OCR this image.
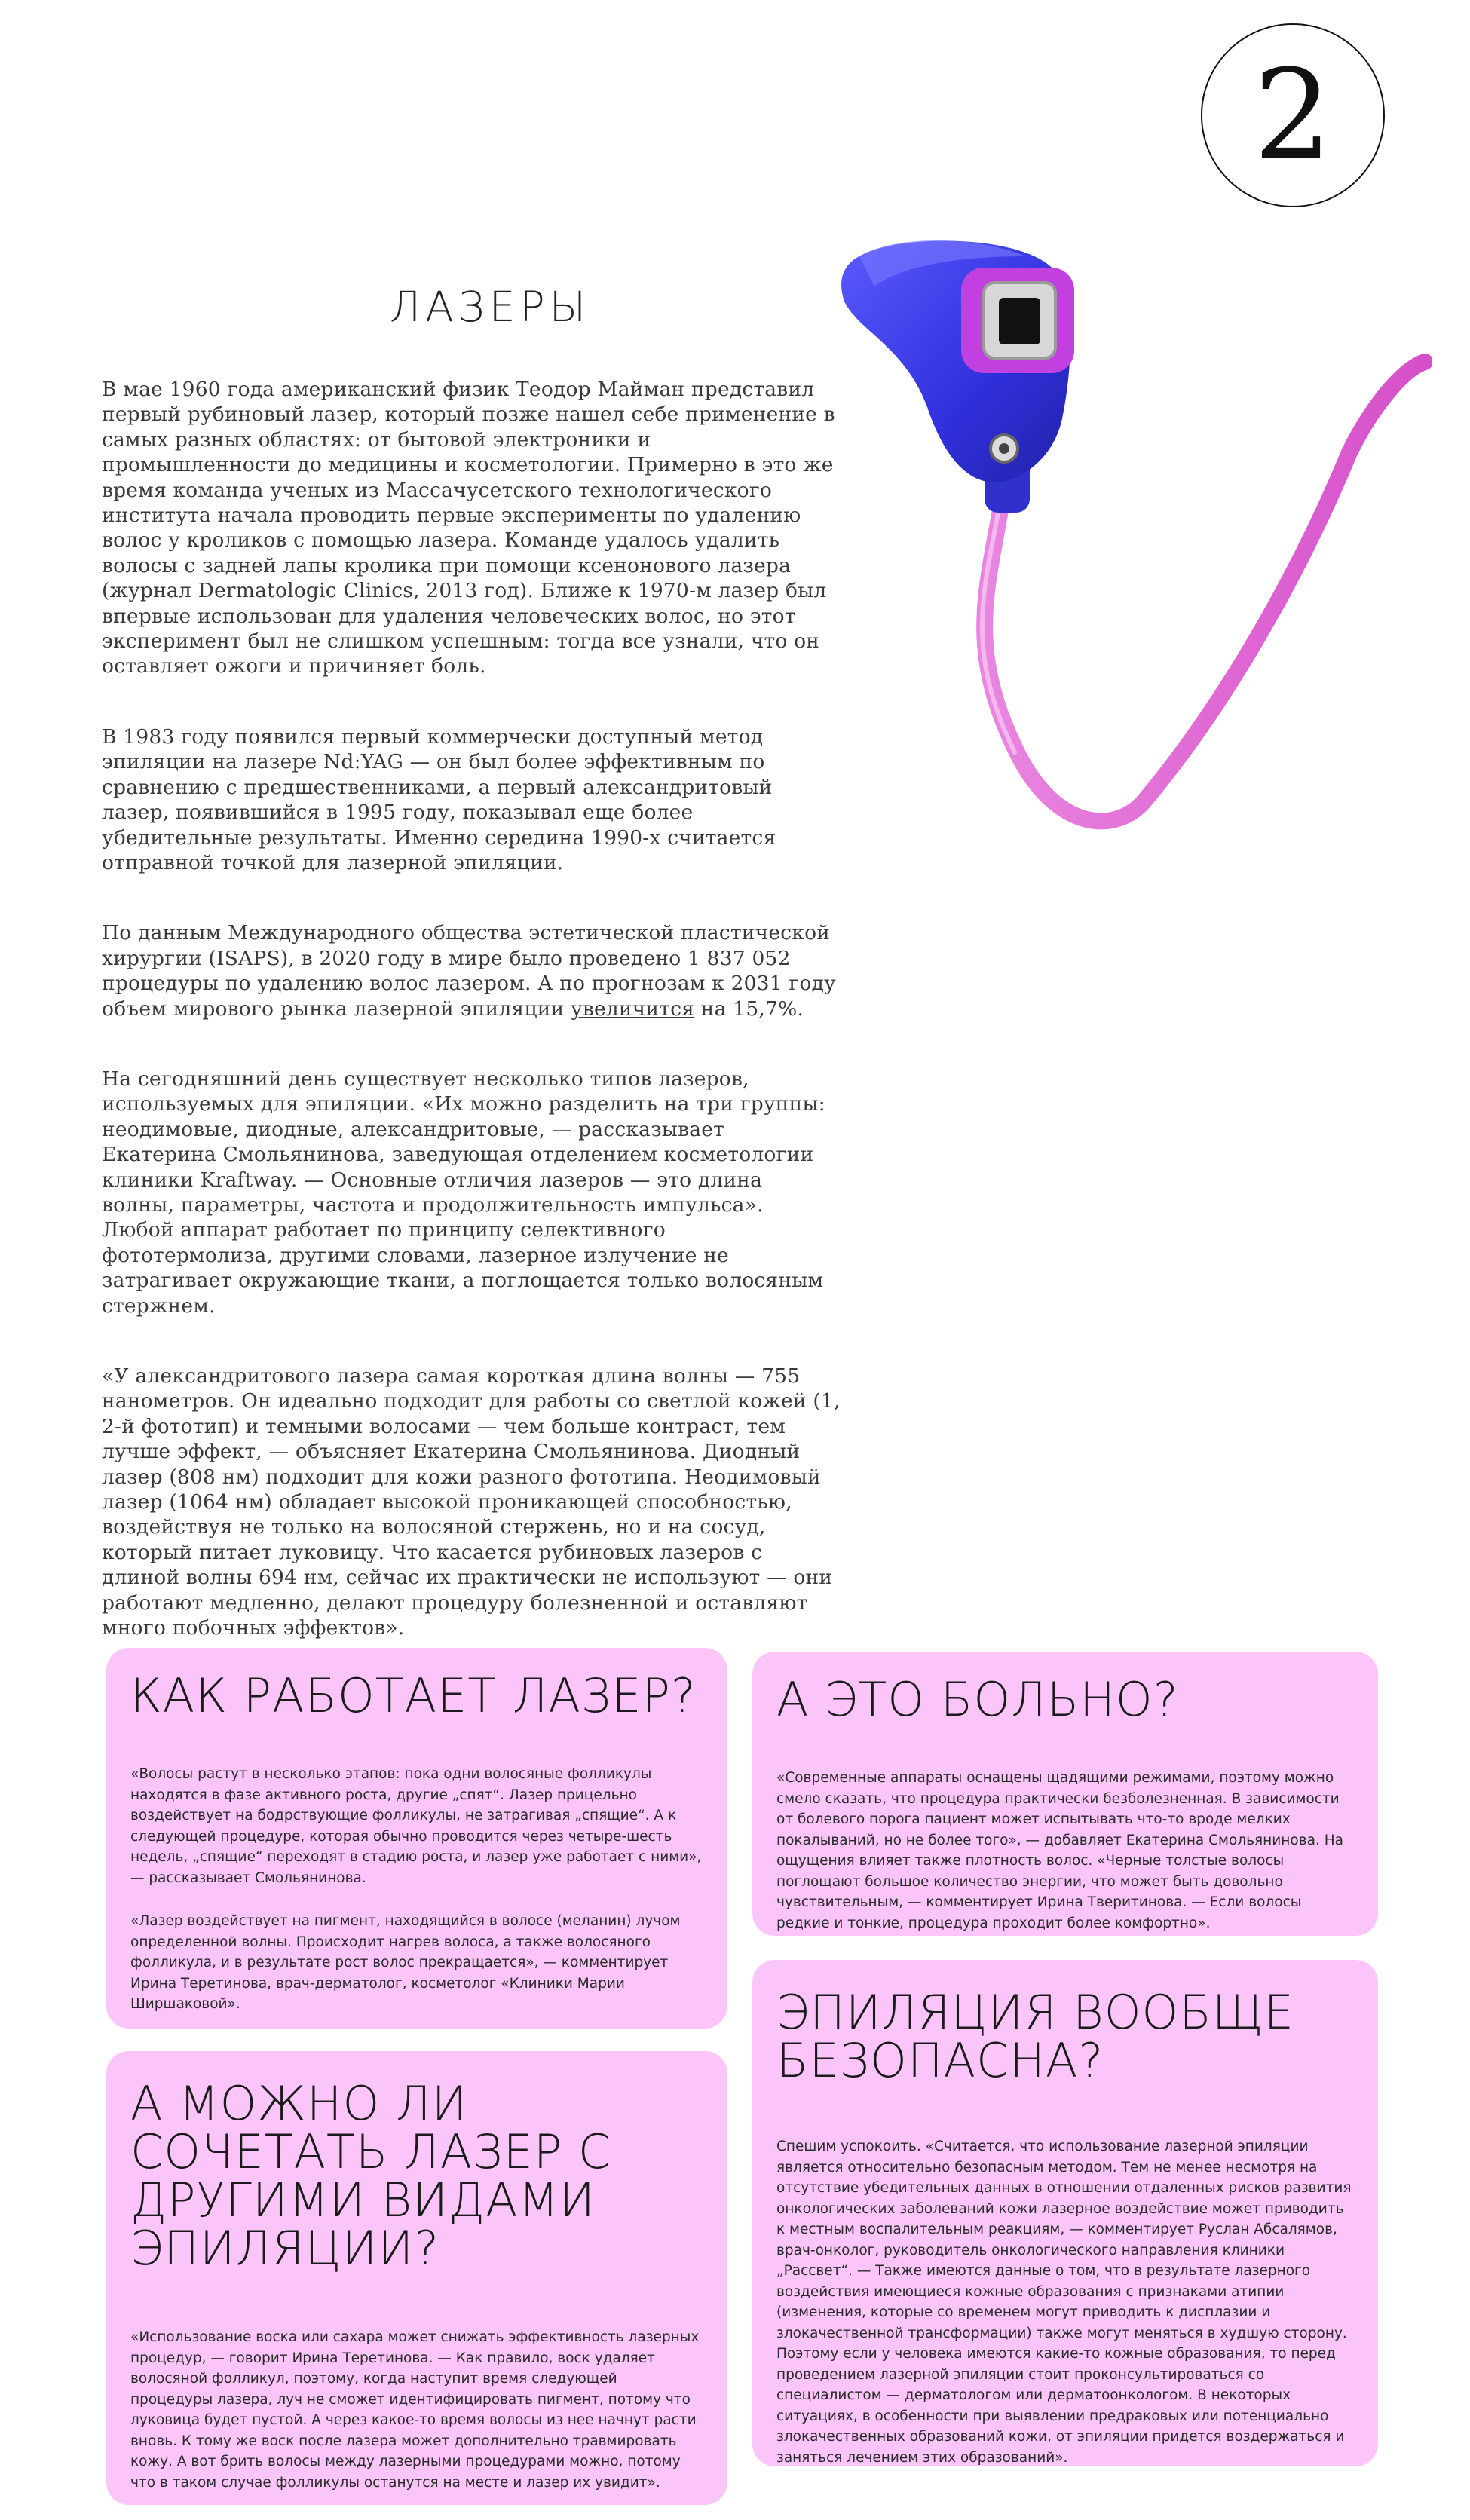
2
ЛАЗЕРЫ

В мае 1960 года американский физик Теодор Майман представил первый рубиновый лазер, который позже нашел себе применение в самых разных областях: от бытовой электроники и промышленности до медицины и косметологии. Примерно в это же время команда ученых из Массачусетского технологического института начала проводить первые эксперименты по удалению волос у кроликов с помощью лазера. Команде удалось удалить волосы с задней лапы кролика при помощи ксенонового лазера (журнал Dermatologic Clinics, 2013 год). Ближе к 1970-м лазер был впервые использован для удаления человеческих волос, но этот эксперимент был не слишком успешным: тогда все узнали, что он оставляет ожоги и причиняет боль.

В 1983 году появился первый коммерчески доступный метод эпиляции на лазере Nd:YAG — он был более эффективным по сравнению с предшественниками, а первый александритовый лазер, появившийся в 1995 году, показывал еще более убедительные результаты. Именно середина 1990-х считается отправной точкой для лазерной эпиляции.

По данным Международного общества эстетической пластической хирургии (ISAPS), в 2020 году в мире было проведено 1 837 052 процедуры по удалению волос лазером. А по прогнозам к 2031 году объем мирового рынка лазерной эпиляции увеличится на 15,7%.

На сегодняшний день существует несколько типов лазеров, используемых для эпиляции. «Их можно разделить на три группы: неодимовые, диодные, александритовые, — рассказывает Екатерина Смольянинова, заведующая отделением косметологии клиники Kraftway. — Основные отличия лазеров — это длина волны, параметры, частота и продолжительность импульса». Любой аппарат работает по принципу селективного фототермолиза, другими словами, лазерное излучение не затрагивает окружающие ткани, а поглощается только волосяным стержнем.

«У александритового лазера самая короткая длина волны — 755 нанометров. Он идеально подходит для работы со светлой кожей (1, 2-й фототип) и темными волосами — чем больше контраст, тем лучше эффект, — объясняет Екатерина Смольянинова. Диодный лазер (808 нм) подходит для кожи разного фототипа. Неодимовый лазер (1064 нм) обладает высокой проникающей способностью, воздействуя не только на волосяной стержень, но и на сосуд, который питает луковицу. Что касается рубиновых лазеров с длиной волны 694 нм, сейчас их практически не используют — они работают медленно, делают процедуру болезненной и оставляют много побочных эффектов».

КАК РАБОТАЕТ ЛАЗЕР?

«Волосы растут в несколько этапов: пока одни волосяные фолликулы находятся в фазе активного роста, другие „спят“. Лазер прицельно воздействует на бодрствующие фолликулы, не затрагивая „спящие“. А к следующей процедуре, которая обычно проводится через четыре-шесть недель, „спящие“ переходят в стадию роста, и лазер уже работает с ними», — рассказывает Смольянинова.

«Лазер воздействует на пигмент, находящийся в волосе (меланин) лучом определенной волны. Происходит нагрев волоса, а также волосяного фолликула, и в результате рост волос прекращается», — комментирует Ирина Теретинова, врач-дерматолог, косметолог «Клиники Марии Ширшаковой».

А ЭТО БОЛЬНО?

«Современные аппараты оснащены щадящими режимами, поэтому можно смело сказать, что процедура практически безболезненная. В зависимости от болевого порога пациент может испытывать что-то вроде мелких покалываний, но не более того», — добавляет Екатерина Смольянинова. На ощущения влияет также плотность волос. «Черные толстые волосы поглощают большое количество энергии, что может быть довольно чувствительным, — комментирует Ирина Тверитинова. — Если волосы редкие и тонкие, процедура проходит более комфортно».

А МОЖНО ЛИ СОЧЕТАТЬ ЛАЗЕР С ДРУГИМИ ВИДАМИ ЭПИЛЯЦИИ?

«Использование воска или сахара может снижать эффективность лазерных процедур, — говорит Ирина Теретинова. — Как правило, воск удаляет волосяной фолликул, поэтому, когда наступит время следующей процедуры лазера, луч не сможет идентифицировать пигмент, потому что луковица будет пустой. А через какое-то время волосы из нее начнут расти вновь. К тому же воск после лазера может дополнительно травмировать кожу. А вот брить волосы между лазерными процедурами можно, потому что в таком случае фолликулы останутся на месте и лазер их увидит».

ЭПИЛЯЦИЯ ВООБЩЕ БЕЗОПАСНА?

Спешим успокоить. «Считается, что использование лазерной эпиляции является относительно безопасным методом. Тем не менее несмотря на отсутствие убедительных данных в отношении отдаленных рисков развития онкологических заболеваний кожи лазерное воздействие может приводить к местным воспалительным реакциям, — комментирует Руслан Абсалямов, врач-онколог, руководитель онкологического направления клиники „Рассвет“. — Также имеются данные о том, что в результате лазерного воздействия имеющиеся кожные образования с признаками атипии (изменения, которые со временем могут приводить к дисплазии и злокачественной трансформации) также могут меняться в худшую сторону. Поэтому если у человека имеются какие-то кожные образования, то перед проведением лазерной эпиляции стоит проконсультироваться со специалистом — дерматологом или дерматоонкологом. В некоторых ситуациях, в особенности при выявлении предраковых или потенциально злокачественных образований кожи, от эпиляции придется воздержаться и заняться лечением этих образований».
